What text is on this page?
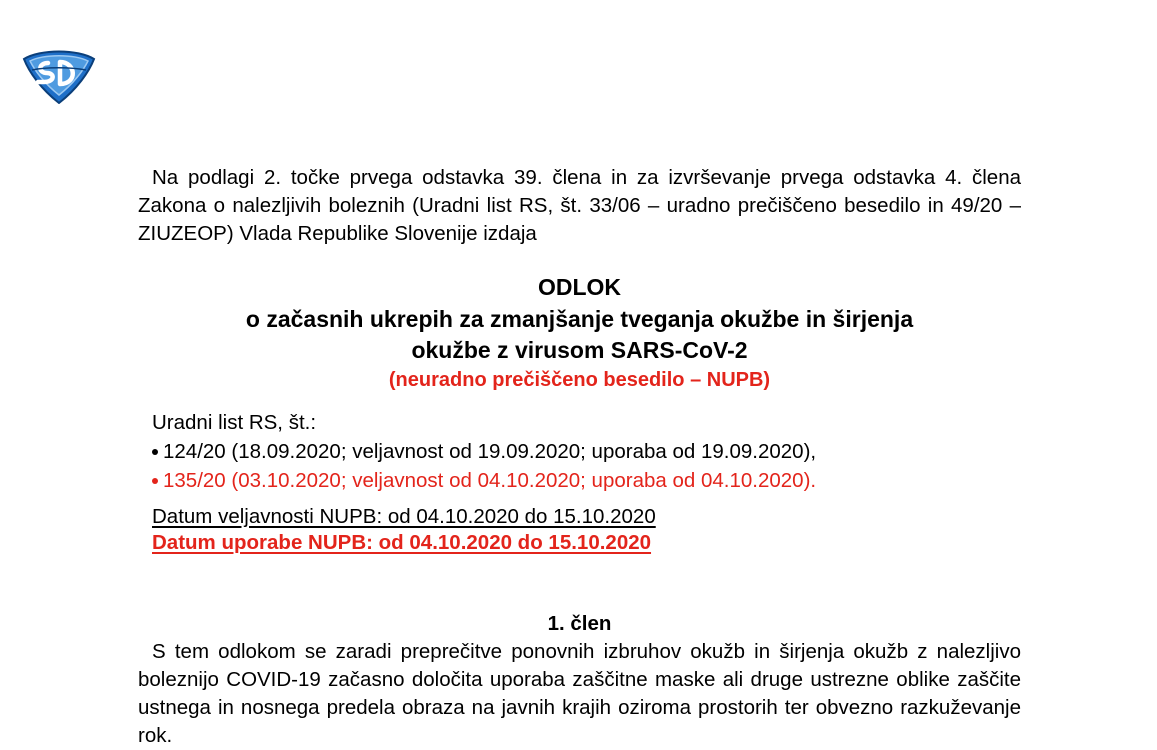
Na podlagi 2. točke prvega odstavka 39. člena in za izvrševanje prvega odstavka 4. člena Zakona o nalezljivih boleznih (Uradni list RS, št. 33/06 – uradno prečiščeno besedilo in 49/20 – ZIUZEOP) Vlada Republike Slovenije izdaja

ODLOK
o začasnih ukrepih za zmanjšanje tveganja okužbe in širjenja
okužbe z virusom SARS-CoV-2
(neuradno prečiščeno besedilo – NUPB)
Uradni list RS, št.:
124/20 (18.09.2020; veljavnost od 19.09.2020; uporaba od 19.09.2020),
135/20 (03.10.2020; veljavnost od 04.10.2020; uporaba od 04.10.2020).
Datum veljavnosti NUPB: od 04.10.2020 do 15.10.2020
Datum uporabe NUPB: od 04.10.2020 do 15.10.2020
1. člen

S tem odlokom se zaradi preprečitve ponovnih izbruhov okužb in širjenja okužb z nalezljivo boleznijo COVID-19 začasno določita uporaba zaščitne maske ali druge ustrezne oblike zaščite ustnega in nosnega predela obraza na javnih krajih oziroma prostorih ter obvezno razkuževanje rok.
